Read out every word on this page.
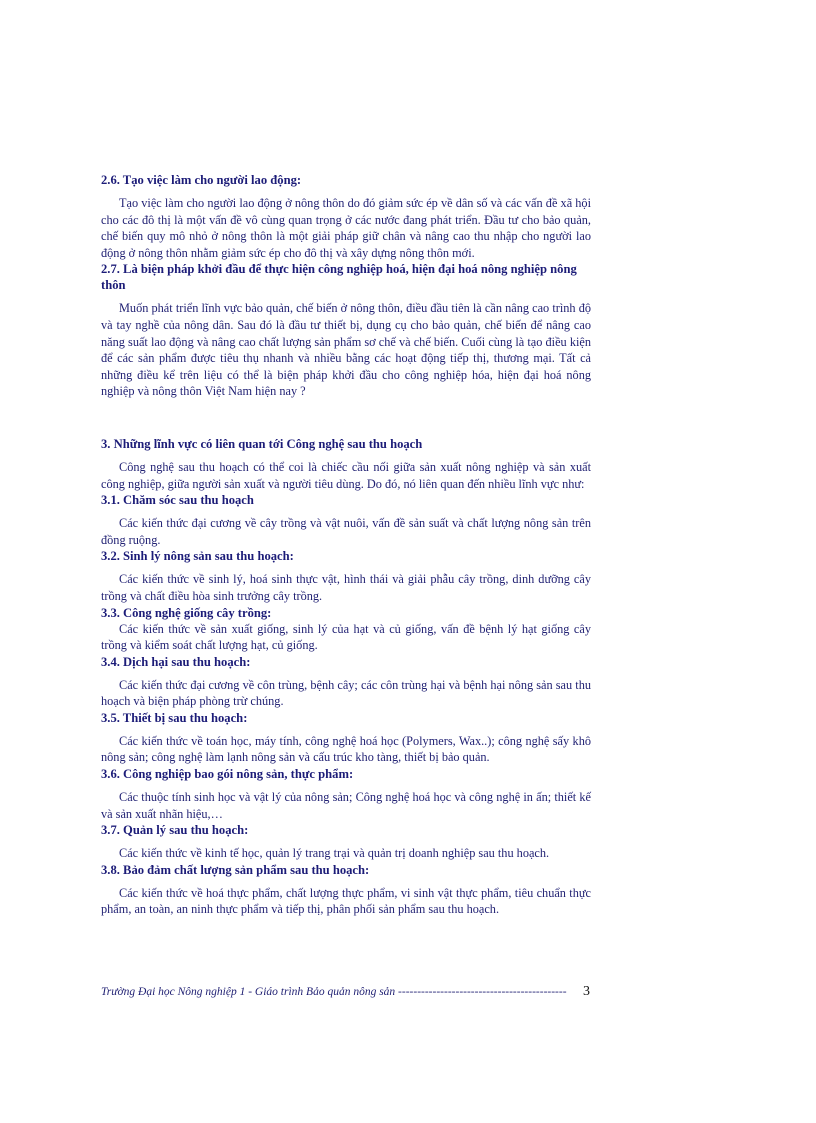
2.6. Tạo việc làm cho người lao động:

Tạo việc làm cho người lao động ở nông thôn do đó giảm sức ép về dân số và các vấn đề xã hội cho các đô thị là một vấn đề vô cùng quan trọng ở các nước đang phát triển. Đầu tư cho bảo quản, chế biến quy mô nhỏ ở nông thôn là một giải pháp giữ chân và nâng cao thu nhập cho người lao động ở nông thôn nhằm giảm sức ép cho đô thị và xây dựng nông thôn mới.

2.7. Là biện pháp khởi đầu để thực hiện công nghiệp hoá, hiện đại hoá nông nghiệp nông thôn

Muốn phát triển lĩnh vực bảo quản, chế biến ở nông thôn, điều đầu tiên là cần nâng cao trình độ và tay nghề của nông dân. Sau đó là đầu tư thiết bị, dụng cụ cho bảo quản, chế biến để nâng cao năng suất lao động và nâng cao chất lượng sản phẩm sơ chế và chế biến. Cuối cùng là tạo điều kiện để các sản phẩm được tiêu thụ nhanh và nhiều bằng các hoạt động tiếp thị, thương mại. Tất cả những điều kể trên liệu có thể là biện pháp khởi đầu cho công nghiệp hóa, hiện đại hoá nông nghiệp và nông thôn Việt Nam hiện nay ?

3. Những lĩnh vực có liên quan tới Công nghệ sau thu hoạch

Công nghệ sau thu hoạch có thể coi là chiếc cầu nối giữa sản xuất nông nghiệp và sản xuất công nghiệp, giữa người sản xuất và người tiêu dùng. Do đó, nó liên quan đến nhiều lĩnh vực như:

3.1. Chăm sóc sau thu hoạch

Các kiến thức đại cương về cây trồng và vật nuôi, vấn đề sản suất và chất lượng nông sản trên đồng ruộng.

3.2. Sinh lý nông sản sau thu hoạch:

Các kiến thức về sinh lý, hoá sinh thực vật, hình thái và giải phẫu cây trồng, dinh dưỡng cây trồng và chất điều hòa sinh trưởng cây trồng.

3.3. Công nghệ giống cây trồng:

Các kiến thức về sản xuất giống, sinh lý của hạt và củ giống, vấn đề bệnh lý hạt giống cây trồng và kiểm soát chất lượng hạt, củ giống.

3.4. Dịch hại sau thu hoạch:

Các kiến thức đại cương về côn trùng, bệnh cây; các côn trùng hại và bệnh hại nông sản sau thu hoạch và biện pháp phòng trừ chúng.

3.5. Thiết bị sau thu hoạch:

Các kiến thức về toán học, máy tính, công nghệ hoá học (Polymers, Wax..); công nghệ sấy khô nông sản; công nghệ làm lạnh nông sản và cấu trúc kho tàng, thiết bị bảo quản.

3.6. Công nghiệp bao gói nông sản, thực phẩm:

Các thuộc tính sinh học và vật lý của nông sản; Công nghệ hoá học và công nghệ in ấn; thiết kế và sản xuất nhãn hiệu,…

3.7. Quản lý sau thu hoạch:

Các kiến thức về kinh tế học, quản lý trang trại và quản trị doanh nghiệp sau thu hoạch.

3.8. Bảo đảm chất lượng sản phẩm sau thu hoạch:

Các kiến thức về hoá thực phẩm, chất lượng thực phẩm, vi sinh vật thực phẩm, tiêu chuẩn thực phẩm, an toàn, an ninh thực phẩm và tiếp thị, phân phối sản phẩm sau thu hoạch.

Trường Đại học Nông nghiệp 1 - Giáo trình Bảo quản nông sản --------------------------------------------	3
